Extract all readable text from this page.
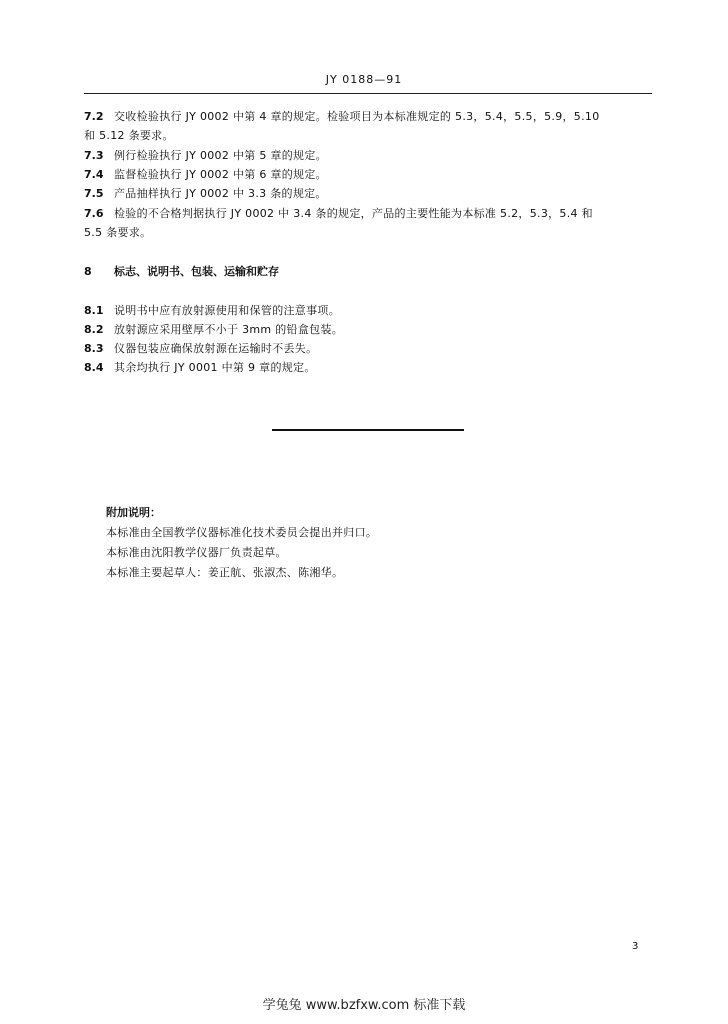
JY 0188—91
7.2 交收检验执行 JY 0002 中第 4 章的规定。检验项目为本标准规定的 5.3，5.4，5.5，5.9，5.10
和 5.12 条要求。
7.3 例行检验执行 JY 0002 中第 5 章的规定。
7.4 监督检验执行 JY 0002 中第 6 章的规定。
7.5 产品抽样执行 JY 0002 中 3.3 条的规定。
7.6 检验的不合格判据执行 JY 0002 中 3.4 条的规定，产品的主要性能为本标准 5.2，5.3，5.4 和
5.5 条要求。
8 标志、说明书、包装、运输和贮存
8.1 说明书中应有放射源使用和保管的注意事项。
8.2 放射源应采用壁厚不小于 3mm 的铅盒包装。
8.3 仪器包装应确保放射源在运输时不丢失。
8.4 其余均执行 JY 0001 中第 9 章的规定。
附加说明：
本标准由全国教学仪器标准化技术委员会提出并归口。
本标准由沈阳教学仪器厂负责起草。
本标准主要起草人：姜正航、张淑杰、陈湘华。
3
学兔兔 www.bzfxw.com 标准下载
